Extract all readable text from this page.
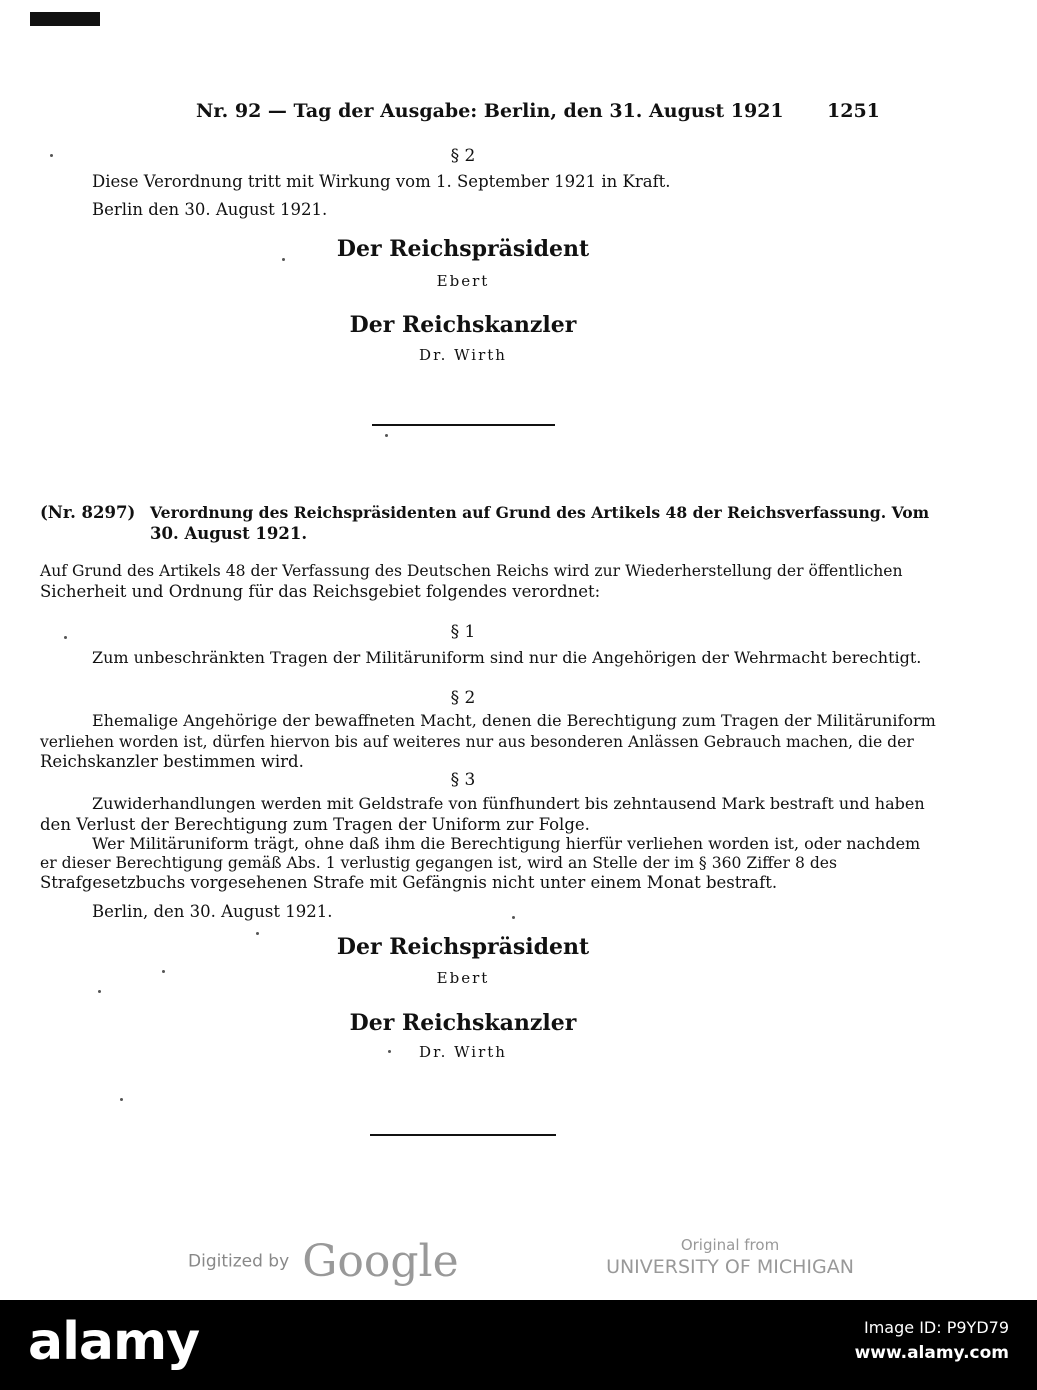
Nr. 92 — Tag der Ausgabe: Berlin, den 31. August 1921 1251
§ 2
Diese Verordnung tritt mit Wirkung vom 1. September 1921 in Kraft.
Berlin den 30. August 1921.
Der Reichspräsident
Ebert
Der Reichskanzler
Dr. Wirth
(Nr. 8297) Verordnung des Reichspräsidenten auf Grund des Artikels 48 der Reichsverfassung. Vom
30. August 1921.
Auf Grund des Artikels 48 der Verfassung des Deutschen Reichs wird zur Wiederherstellung der öffentlichen
Sicherheit und Ordnung für das Reichsgebiet folgendes verordnet:
§ 1
Zum unbeschränkten Tragen der Militäruniform sind nur die Angehörigen der Wehrmacht berechtigt.
§ 2
Ehemalige Angehörige der bewaffneten Macht, denen die Berechtigung zum Tragen der Militäruniform
verliehen worden ist, dürfen hiervon bis auf weiteres nur aus besonderen Anlässen Gebrauch machen, die der
Reichskanzler bestimmen wird.
§ 3
Zuwiderhandlungen werden mit Geldstrafe von fünfhundert bis zehntausend Mark bestraft und haben
den Verlust der Berechtigung zum Tragen der Uniform zur Folge.
Wer Militäruniform trägt, ohne daß ihm die Berechtigung hierfür verliehen worden ist, oder nachdem
er dieser Berechtigung gemäß Abs. 1 verlustig gegangen ist, wird an Stelle der im § 360 Ziffer 8 des
Strafgesetzbuchs vorgesehenen Strafe mit Gefängnis nicht unter einem Monat bestraft.
Berlin, den 30. August 1921.
Der Reichspräsident
Ebert
Der Reichskanzler
Dr. Wirth
Digitized by Google	Original from
UNIVERSITY OF MICHIGAN
alamy	Image ID: P9YD79
www.alamy.com
